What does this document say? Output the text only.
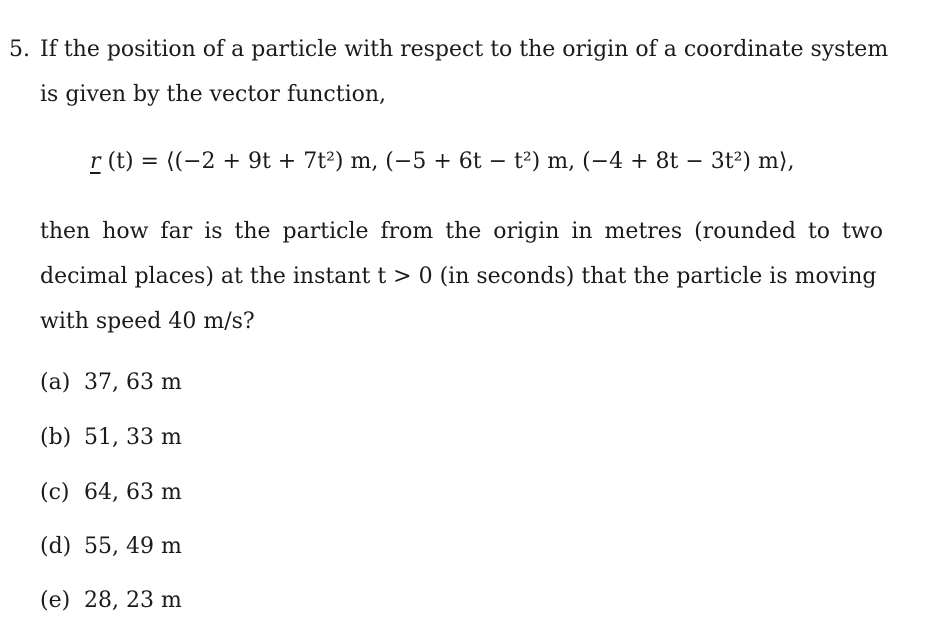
5. If the position of a particle with respect to the origin of a coordinate system
is given by the vector function,
r (t) = ⟨(−2 + 9t + 7t²) m, (−5 + 6t − t²) m, (−4 + 8t − 3t²) m⟩,
then how far is the particle from the origin in metres (rounded to two
decimal places) at the instant t > 0 (in seconds) that the particle is moving
with speed 40 m/s?
(a) 37, 63 m
(b) 51, 33 m
(c) 64, 63 m
(d) 55, 49 m
(e) 28, 23 m
